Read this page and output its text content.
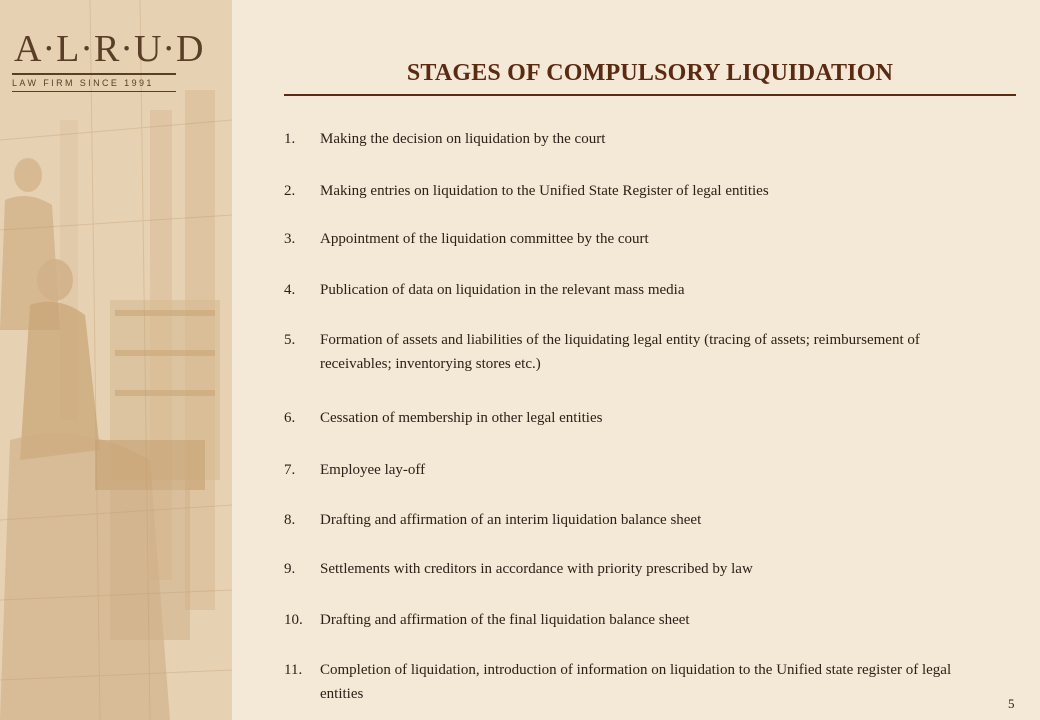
A·L·R·U·D
LAW FIRM SINCE 1991	STAGES OF COMPULSORY LIQUIDATION
1.	Making the decision on liquidation by the court
2.	Making entries on liquidation to the Unified State Register of legal entities
3.	Appointment of the liquidation committee by the court
4.	Publication of data on liquidation in the relevant mass media
5.	Formation of assets and liabilities of the liquidating legal entity (tracing of assets; reimbursement of receivables; inventorying stores etc.)
6.	Cessation of membership in other legal entities
7.	Employee lay-off
8.	Drafting and affirmation of an interim liquidation balance sheet
9.	Settlements with creditors in accordance with priority prescribed by law
10.	Drafting and affirmation of the final liquidation balance sheet
11.	Completion of liquidation, introduction of information on liquidation to the Unified state register of legal entities
5
